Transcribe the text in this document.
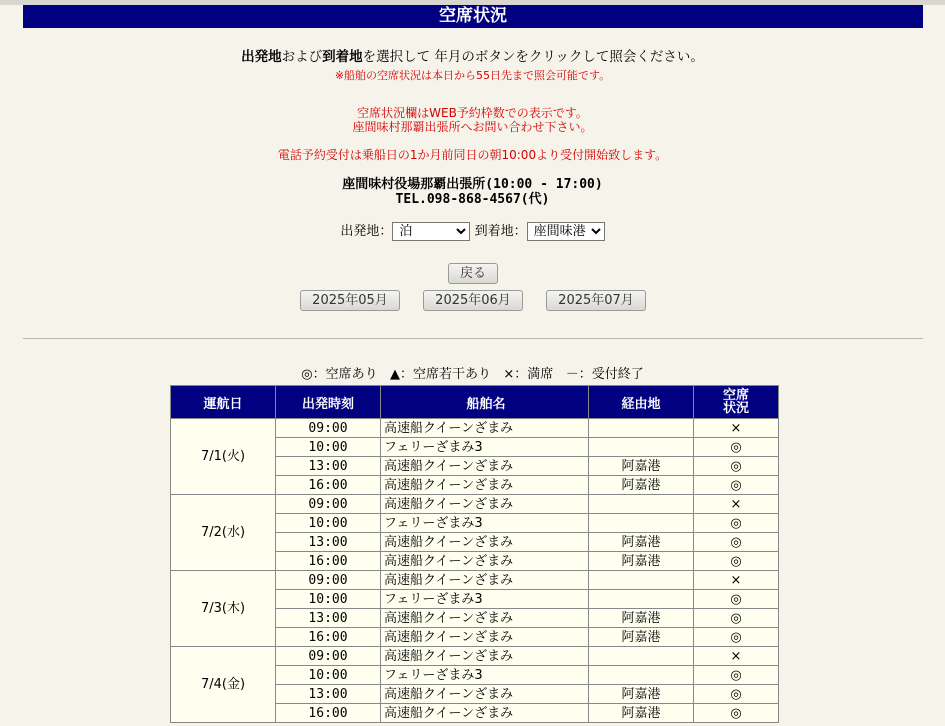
空席状況
出発地および到着地を選択して 年月のボタンをクリックして照会ください。
※船舶の空席状況は本日から55日先まで照会可能です。
空席状況欄はWEB予約枠数での表示です。
座間味村那覇出張所へお問い合わせ下さい。
電話予約受付は乗船日の1か月前同日の朝10:00より受付開始致します。
座間味村役場那覇出張所(10:00 - 17:00)
TEL.098-868-4567(代)
出発地：
泊	到着地：
座間味港
戻る
2025年05月	2025年06月	2025年07月
◎：空席あり ▲：空席若干あり ×：満席 －：受付終了
運航日	出発時刻	船舶名	経由地	空席
状況
7/1(火)	09:00	高速船クイーンざまみ		×
	10:00	フェリーざまみ3		◎
	13:00	高速船クイーンざまみ	阿嘉港	◎
	16:00	高速船クイーンざまみ	阿嘉港	◎
7/2(水)	09:00	高速船クイーンざまみ		×
	10:00	フェリーざまみ3		◎
	13:00	高速船クイーンざまみ	阿嘉港	◎
	16:00	高速船クイーンざまみ	阿嘉港	◎
7/3(木)	09:00	高速船クイーンざまみ		×
	10:00	フェリーざまみ3		◎
	13:00	高速船クイーンざまみ	阿嘉港	◎
	16:00	高速船クイーンざまみ	阿嘉港	◎
7/4(金)	09:00	高速船クイーンざまみ		×
	10:00	フェリーざまみ3		◎
	13:00	高速船クイーンざまみ	阿嘉港	◎
	16:00	高速船クイーンざまみ	阿嘉港	◎
